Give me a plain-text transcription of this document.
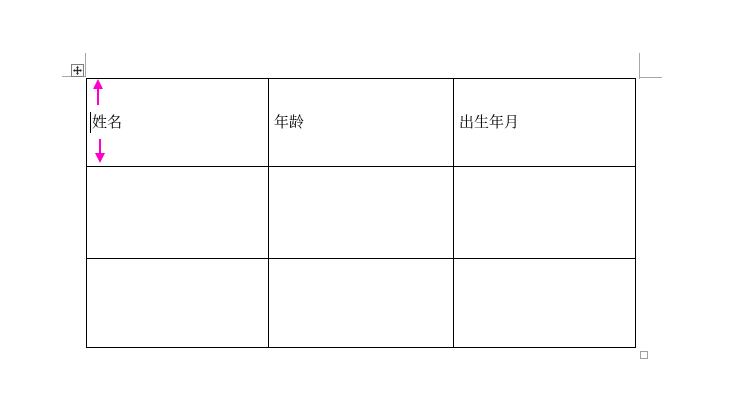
姓名	年龄	出生年月
